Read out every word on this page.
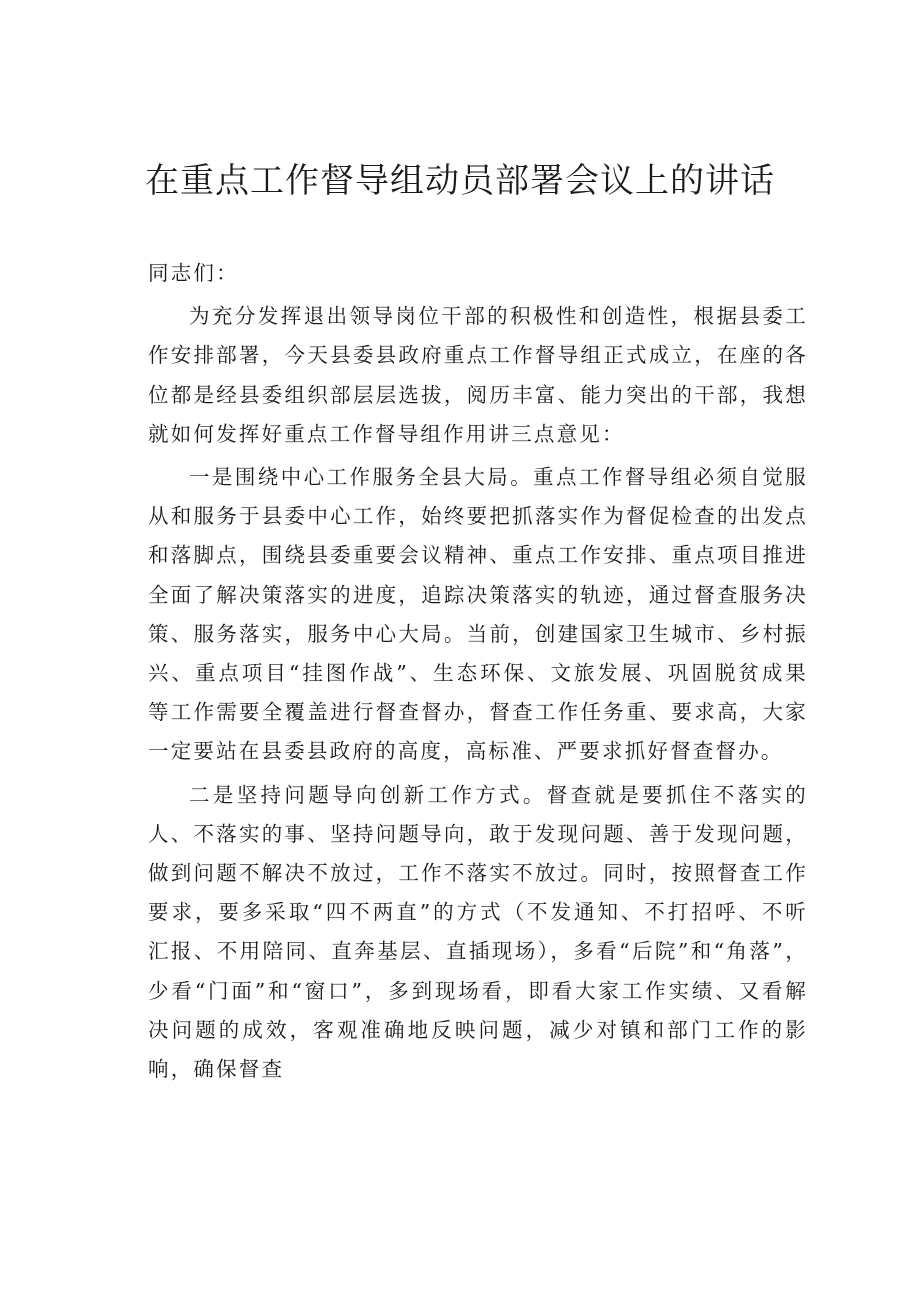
在重点工作督导组动员部署会议上的讲话

同志们：

为充分发挥退出领导岗位干部的积极性和创造性，根据县委工作安排部署，今天县委县政府重点工作督导组正式成立，在座的各位都是经县委组织部层层选拔，阅历丰富、能力突出的干部，我想就如何发挥好重点工作督导组作用讲三点意见：

一是围绕中心工作服务全县大局。重点工作督导组必须自觉服从和服务于县委中心工作，始终要把抓落实作为督促检查的出发点和落脚点，围绕县委重要会议精神、重点工作安排、重点项目推进全面了解决策落实的进度，追踪决策落实的轨迹，通过督查服务决策、服务落实，服务中心大局。当前，创建国家卫生城市、乡村振兴、重点项目“挂图作战”、生态环保、文旅发展、巩固脱贫成果等工作需要全覆盖进行督查督办，督查工作任务重、要求高，大家一定要站在县委县政府的高度，高标准、严要求抓好督查督办。

二是坚持问题导向创新工作方式。督查就是要抓住不落实的人、不落实的事、坚持问题导向，敢于发现问题、善于发现问题，做到问题不解决不放过，工作不落实不放过。同时，按照督查工作要求，要多采取“四不两直”的方式（不发通知、不打招呼、不听汇报、不用陪同、直奔基层、直插现场），多看“后院”和“角落”，少看“门面”和“窗口”，多到现场看，即看大家工作实绩、又看解决问题的成效，客观准确地反映问题，减少对镇和部门工作的影响，确保督查
